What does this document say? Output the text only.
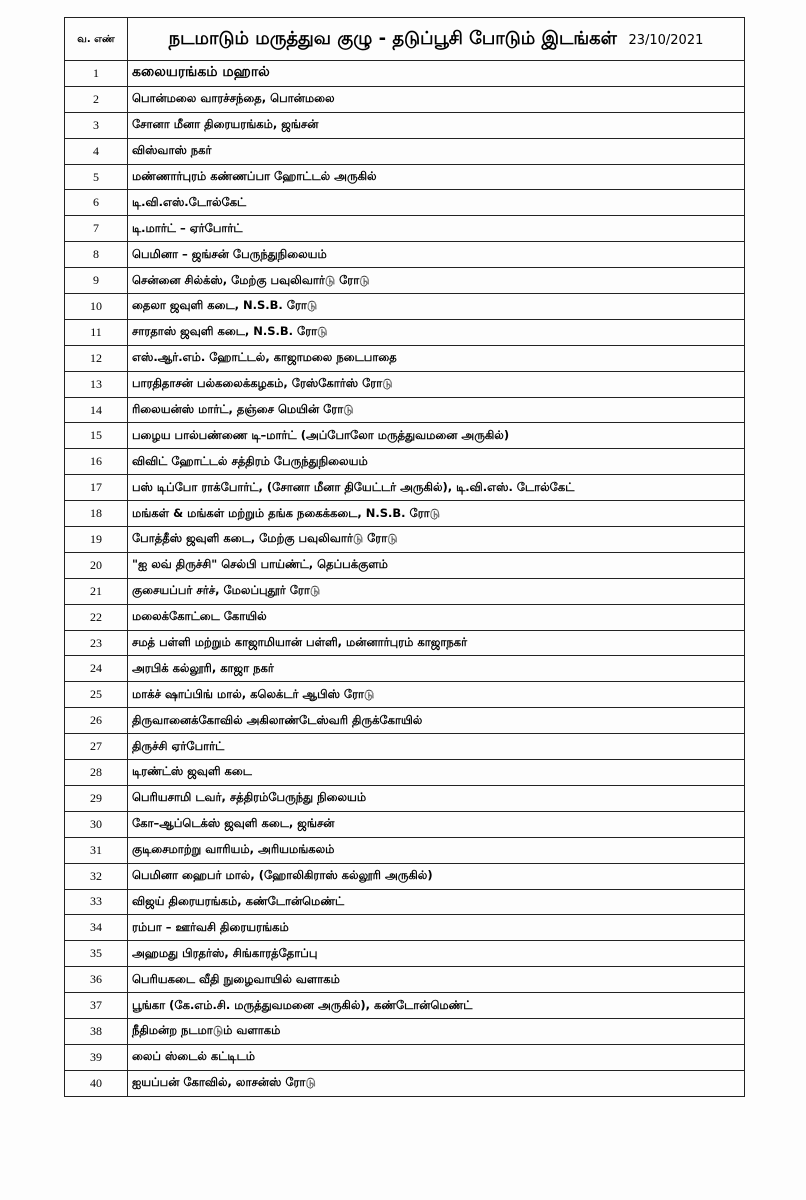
வ. எண்	நடமாடும் மருத்துவ குழு - தடுப்பூசி போடும் இடங்கள் 23/10/2021
1	கலையரங்கம் மஹால்
2	பொன்மலை வாரச்சந்தை, பொன்மலை
3	சோனா மீனா திரையரங்கம், ஜங்சன்
4	விஸ்வாஸ் நகர்
5	மண்ணார்புரம் கண்ணப்பா ஹோட்டல் அருகில்
6	டி.வி.எஸ்.டோல்கேட்
7	டி.மார்ட் – ஏர்போர்ட்
8	பெமினா – ஜங்சன் பேருந்துநிலையம்
9	சென்னை சில்க்ஸ், மேற்கு பவுலிவார்டு ரோடு
10	தைலா ஜவுளி கடை, N.S.B. ரோடு
11	சாரதாஸ் ஜவுளி கடை, N.S.B. ரோடு
12	எஸ்.ஆர்.எம். ஹோட்டல், காஜாமலை நடைபாதை
13	பாரதிதாசன் பல்கலைக்கழகம், ரேஸ்கோர்ஸ் ரோடு
14	ரிலையன்ஸ் மார்ட், தஞ்சை மெயின் ரோடு
15	பழைய பால்பண்ணை டி–மார்ட் (அப்போலோ மருத்துவமனை அருகில்)
16	விவிட் ஹோட்டல் சத்திரம் பேருந்துநிலையம்
17	பஸ் டிப்போ ராக்போர்ட், (சோனா மீனா தியேட்டர் அருகில்), டி.வி.எஸ். டோல்கேட்
18	மங்கள் & மங்கள் மற்றும் தங்க நகைக்கடை, N.S.B. ரோடு
19	போத்தீஸ் ஜவுளி கடை, மேற்கு பவுலிவார்டு ரோடு
20	"ஐ லவ் திருச்சி" செல்பி பாய்ண்ட், தெப்பக்குளம்
21	குசையப்பர் சர்ச், மேலப்புதூர் ரோடு
22	மலைக்கோட்டை கோயில்
23	சமத் பள்ளி மற்றும் காஜாமியான் பள்ளி, மன்னார்புரம் காஜாநகர்
24	அரபிக் கல்லூரி, காஜா நகர்
25	மாக்ச் ஷாப்பிங் மால், கலெக்டர் ஆபிஸ் ரோடு
26	திருவானைக்கோவில் அகிலாண்டேஸ்வரி திருக்கோயில்
27	திருச்சி ஏர்போர்ட்
28	டிரண்ட்ஸ் ஜவுளி கடை
29	பெரியசாமி டவர், சத்திரம்பேருந்து நிலையம்
30	கோ–ஆப்டெக்ஸ் ஜவுளி கடை, ஜங்சன்
31	குடிசைமாற்று வாரியம், அரியமங்கலம்
32	பெமினா ஹைபர் மால், (ஹோலிகிராஸ் கல்லூரி அருகில்)
33	விஜய் திரையரங்கம், கண்டோன்மெண்ட்
34	ரம்பா – ஊர்வசி திரையரங்கம்
35	அஹமது பிரதர்ஸ், சிங்காரத்தோப்பு
36	பெரியகடை வீதி நுழைவாயில் வளாகம்
37	பூங்கா (கே.எம்.சி. மருத்துவமனை அருகில்), கண்டோன்மெண்ட்
38	நீதிமன்ற நடமாடும் வளாகம்
39	லைப் ஸ்டைல் கட்டிடம்
40	ஐயப்பன் கோவில், லாசன்ஸ் ரோடு
